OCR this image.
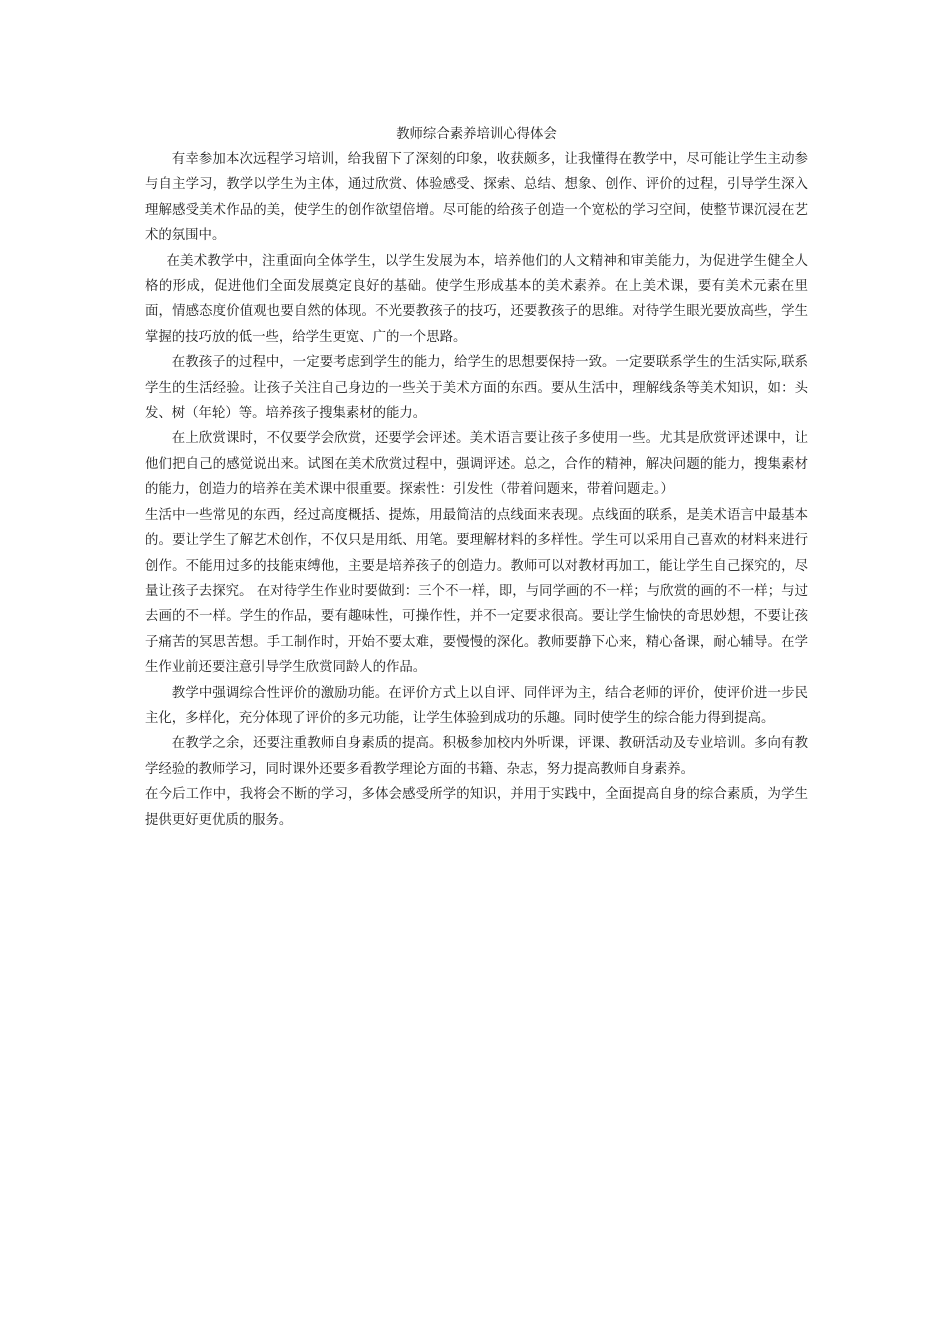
教师综合素养培训心得体会

有幸参加本次远程学习培训，给我留下了深刻的印象，收获颇多，让我懂得在教学中，尽可能让学生主动参与自主学习，教学以学生为主体，通过欣赏、体验感受、探索、总结、想象、创作、评价的过程，引导学生深入理解感受美术作品的美，使学生的创作欲望倍增。尽可能的给孩子创造一个宽松的学习空间，使整节课沉浸在艺术的氛围中。

在美术教学中，注重面向全体学生，以学生发展为本，培养他们的人文精神和审美能力，为促进学生健全人格的形成，促进他们全面发展奠定良好的基础。使学生形成基本的美术素养。在上美术课，要有美术元素在里面，情感态度价值观也要自然的体现。不光要教孩子的技巧，还要教孩子的思维。对待学生眼光要放高些，学生掌握的技巧放的低一些，给学生更宽、广的一个思路。

在教孩子的过程中，一定要考虑到学生的能力，给学生的思想要保持一致。一定要联系学生的生活实际,联系学生的生活经验。让孩子关注自己身边的一些关于美术方面的东西。要从生活中，理解线条等美术知识，如：头发、树（年轮）等。培养孩子搜集素材的能力。

在上欣赏课时，不仅要学会欣赏，还要学会评述。美术语言要让孩子多使用一些。尤其是欣赏评述课中，让他们把自己的感觉说出来。试图在美术欣赏过程中，强调评述。总之，合作的精神，解决问题的能力，搜集素材的能力，创造力的培养在美术课中很重要。探索性：引发性（带着问题来，带着问题走。）

生活中一些常见的东西，经过高度概括、提炼，用最简洁的点线面来表现。点线面的联系，是美术语言中最基本的。要让学生了解艺术创作，不仅只是用纸、用笔。要理解材料的多样性。学生可以采用自己喜欢的材料来进行创作。不能用过多的技能束缚他，主要是培养孩子的创造力。教师可以对教材再加工，能让学生自己探究的，尽量让孩子去探究。 在对待学生作业时要做到：三个不一样，即，与同学画的不一样；与欣赏的画的不一样；与过去画的不一样。学生的作品，要有趣味性，可操作性，并不一定要求很高。要让学生愉快的奇思妙想，不要让孩子痛苦的冥思苦想。手工制作时，开始不要太难，要慢慢的深化。教师要静下心来，精心备课，耐心辅导。在学生作业前还要注意引导学生欣赏同龄人的作品。

教学中强调综合性评价的激励功能。在评价方式上以自评、同伴评为主，结合老师的评价，使评价进一步民主化，多样化，充分体现了评价的多元功能，让学生体验到成功的乐趣。同时使学生的综合能力得到提高。

在教学之余，还要注重教师自身素质的提高。积极参加校内外听课，评课、教研活动及专业培训。多向有教学经验的教师学习，同时课外还要多看教学理论方面的书籍、杂志，努力提高教师自身素养。

在今后工作中，我将会不断的学习，多体会感受所学的知识，并用于实践中，全面提高自身的综合素质，为学生提供更好更优质的服务。
